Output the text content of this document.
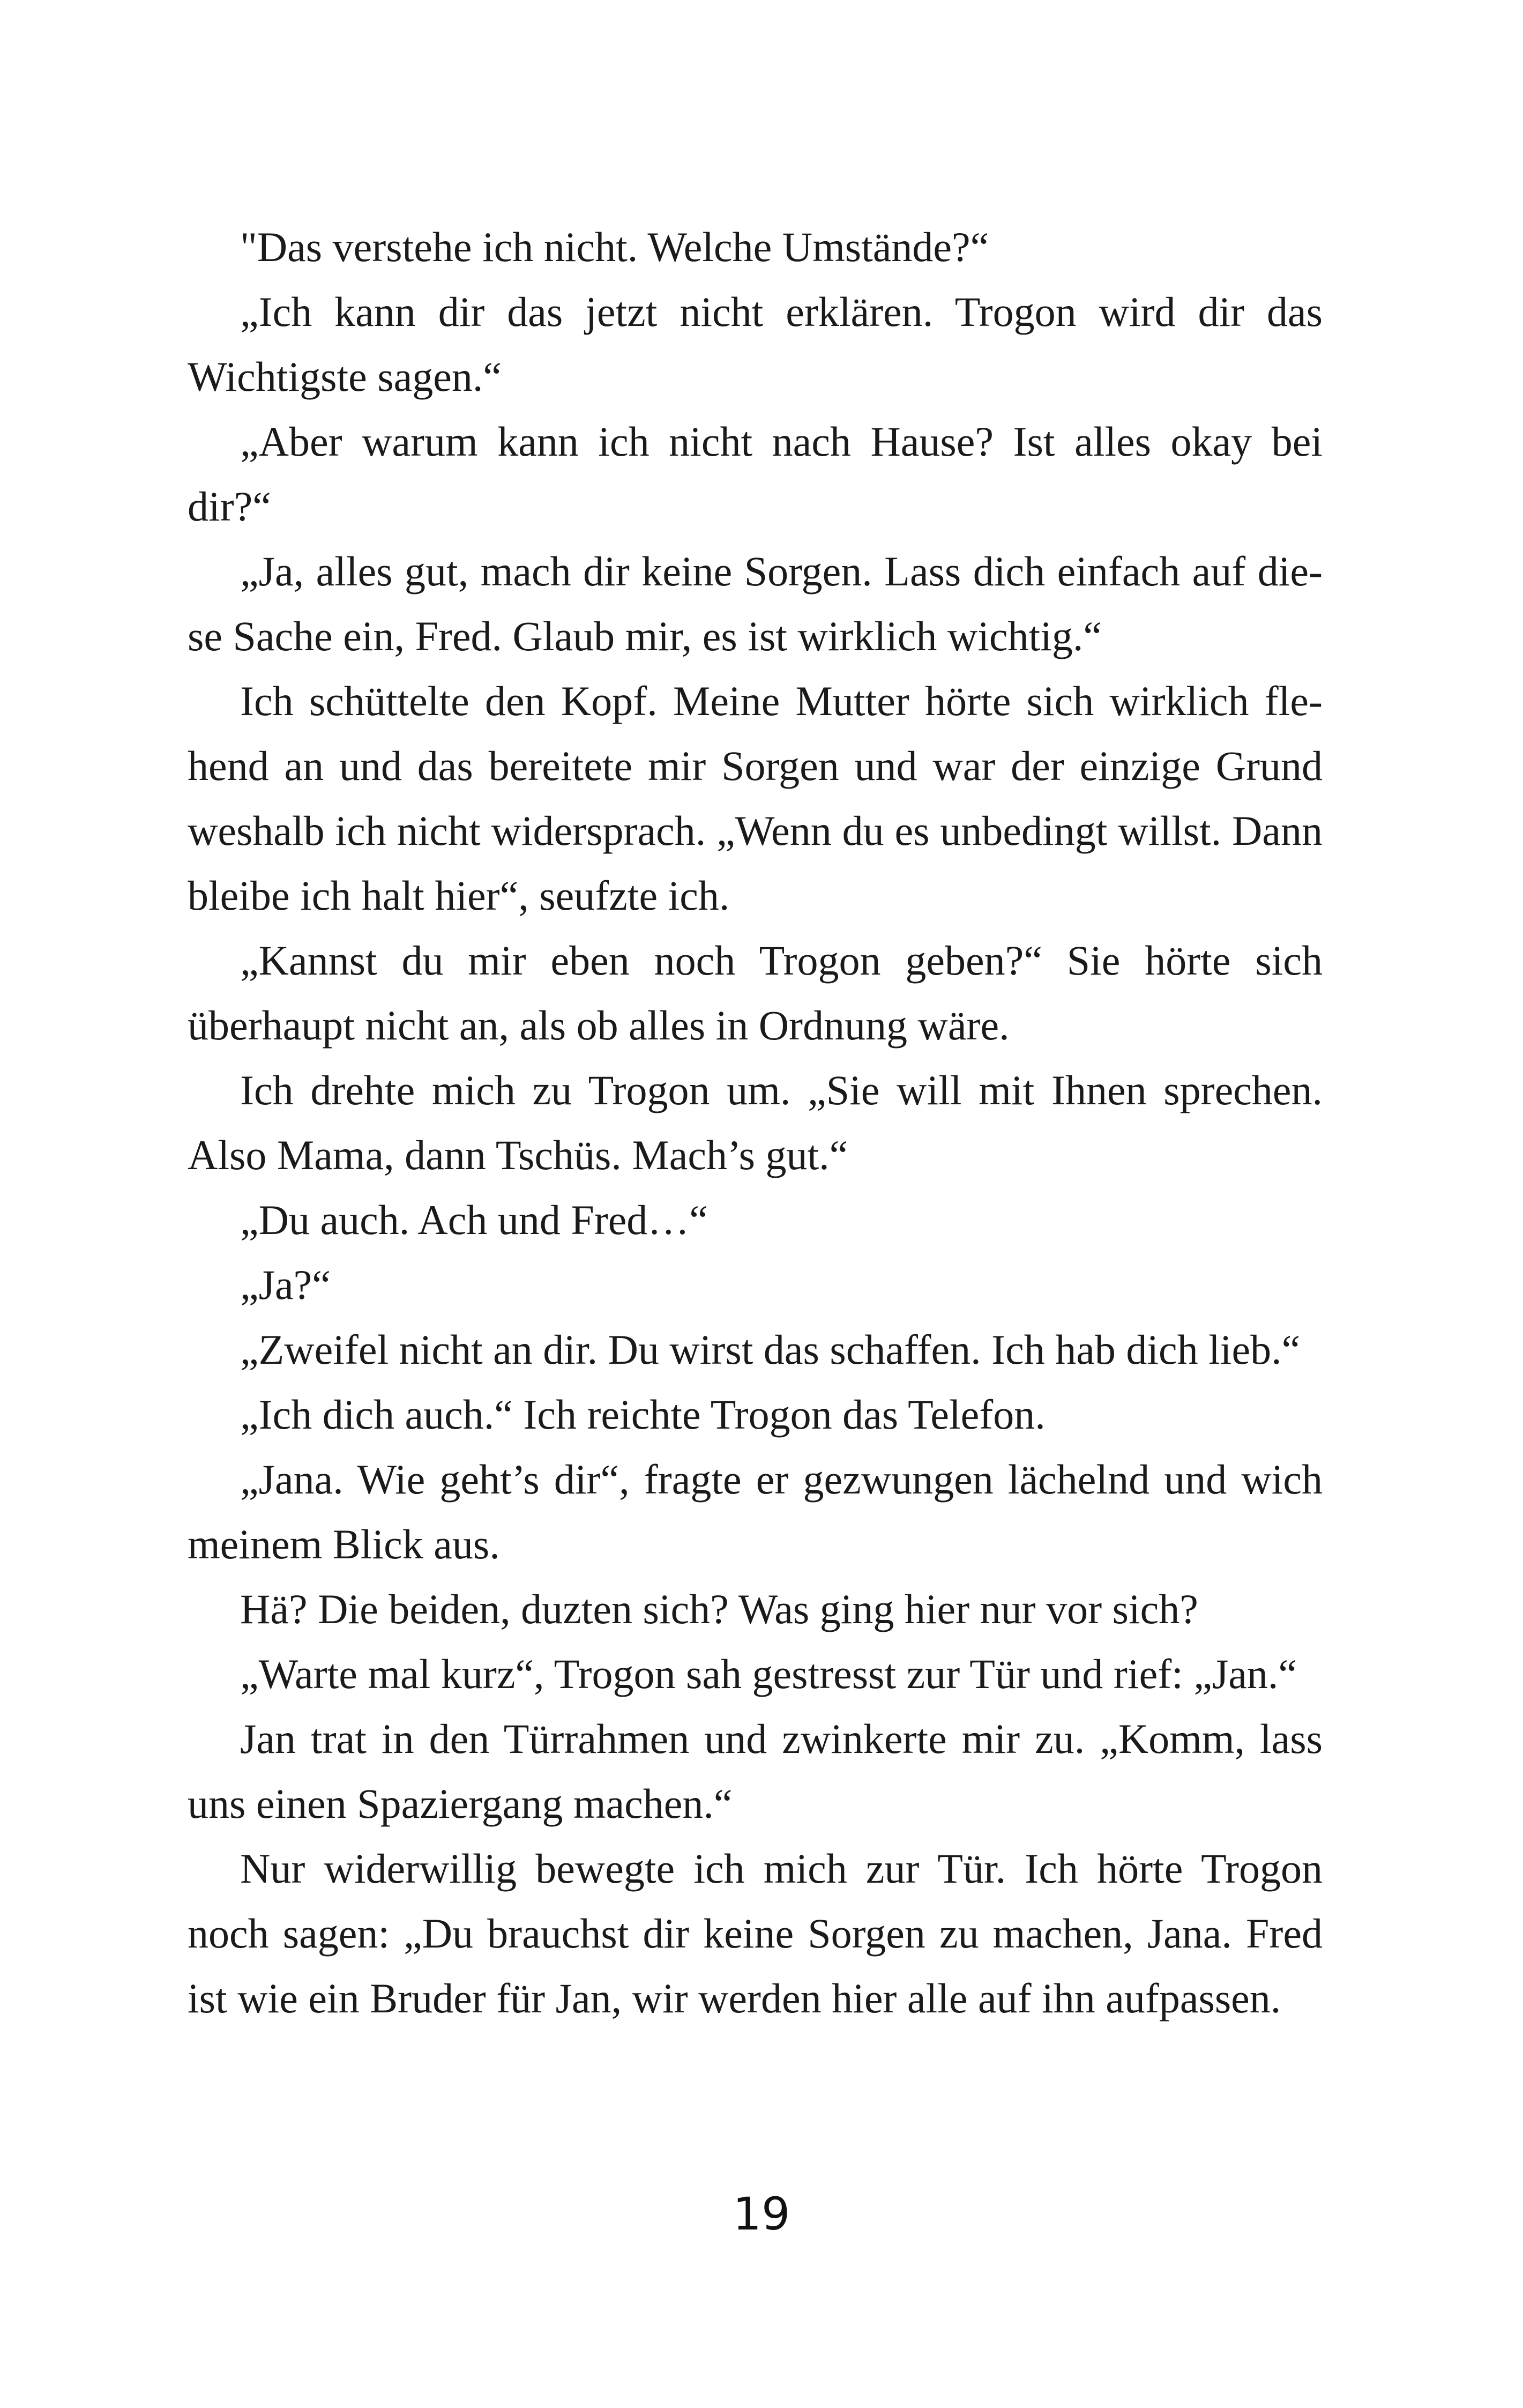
"Das verstehe ich nicht. Welche Umstände?“

„Ich kann dir das jetzt nicht erklären. Trogon wird dir das Wichtigste sagen.“

„Aber warum kann ich nicht nach Hause? Ist alles okay bei dir?“

„Ja, alles gut, mach dir keine Sorgen. Lass dich einfach auf diese Sache ein, Fred. Glaub mir, es ist wirklich wichtig.“

Ich schüttelte den Kopf. Meine Mutter hörte sich wirklich flehend an und das bereitete mir Sorgen und war der einzige Grund weshalb ich nicht widersprach. „Wenn du es unbedingt willst. Dann bleibe ich halt hier“, seufzte ich.

„Kannst du mir eben noch Trogon geben?“ Sie hörte sich überhaupt nicht an, als ob alles in Ordnung wäre.

Ich drehte mich zu Trogon um. „Sie will mit Ihnen sprechen. Also Mama, dann Tschüs. Mach’s gut.“

„Du auch. Ach und Fred…“

„Ja?“

„Zweifel nicht an dir. Du wirst das schaffen. Ich hab dich lieb.“

„Ich dich auch.“ Ich reichte Trogon das Telefon.

„Jana. Wie geht’s dir“, fragte er gezwungen lächelnd und wich meinem Blick aus.

Hä? Die beiden, duzten sich? Was ging hier nur vor sich?

„Warte mal kurz“, Trogon sah gestresst zur Tür und rief: „Jan.“

Jan trat in den Türrahmen und zwinkerte mir zu. „Komm, lass uns einen Spaziergang machen.“

Nur widerwillig bewegte ich mich zur Tür. Ich hörte Trogon noch sagen: „Du brauchst dir keine Sorgen zu machen, Jana. Fred ist wie ein Bruder für Jan, wir werden hier alle auf ihn aufpassen.

19
